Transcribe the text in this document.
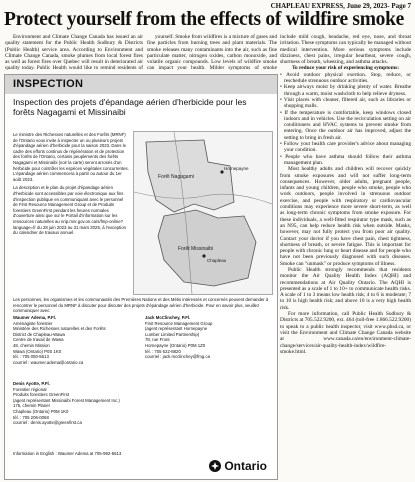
CHAPLEAU EXPRESS, June 29, 2023- Page 7
Protect yourself from the effects of wildfire smoke

Environment and Climate Change Canada has issued an air quality statement for the Public Health Sudbury & Districts (Public Health) service area. According to Environment and Climate Change Canada, smoke plumes from local forest fires as well as forest fires over Quebec will result in deteriorated air quality today. Public Health would like to remind residents of

yourself. Smoke from wildfires is a mixture of gases and fine particles from burning trees and plant materials. The smoke releases many contaminants into the air, such as fine particulate matter, nitrogen oxides, carbon monoxide, and volatile organic compounds. Low levels of wildfire smoke can impact your health. Milder symptoms of smoke

include mild cough, headache, red eye, nose, and throat irritation. These symptoms can typically be managed without medical intervention. More serious symptoms include dizziness, chest pains, irregular heartbeat, severe cough, shortness of breath, wheezing, and asthma attacks.

To reduce your risk of experiencing symptoms:

• Avoid outdoor physical exertion. Stop, reduce, or reschedule strenuous outdoor activities.

• Keep airways moist by drinking plenty of water. Breathe through a warm, moist washcloth to help relieve dryness.

• Visit places with cleaner, filtered air, such as libraries or shopping malls.

• If the temperature is comfortable, keep windows closed indoors and in vehicles. Use the recirculation setting on air conditioners and HVAC systems to prevent smoke from entering. Once the outdoor air has improved, adjust the setting to bring in fresh air.

• Follow your health care provider's advice about managing your condition.

• People who have asthma should follow their asthma management plan.

Most healthy adults and children will recover quickly from smoke exposures and will not suffer long-term consequences. However, older adults, pregnant people, infants and young children, people who smoke, people who work outdoors, people involved in strenuous outdoor exercise, and people with respiratory or cardiovascular conditions may experience more severe short-term, as well as long-term chronic symptoms from smoke exposure. For these individuals, a well-fitted respirator type mask, such as an N95, can help reduce health risk when outside. Masks, however, may not fully protect you from poor air quality. Contact your doctor if you have chest pain, chest tightness, shortness of breath, or severe fatigue. This is important for people with chronic lung or heart disease and for people who have not been previously diagnosed with such diseases. Smoke can "unmask" or produce symptoms of illness.

Public Health strongly recommends that residents monitor the Air Quality Health Index (AQHI) and recommendations at Air Quality Ontario. The AQHI is presented as a scale of 1 to 10+ to communicate health risks. A scale of 1 to 3 means low health risk; 4 to 6 is moderate; 7 to 10 is high health risk; and above 10 is a very high health risk.

For more information, call Public Health Sudbury & Districts at 705.522.9200, ext. 464 (toll-free 1.866.522.9200) to speak to a public health inspector, visit www.phsd.ca, or visit the Environment and Climate Change Canada website at www.canada.ca/en/environment-climate-change/services/air-quality-health-index/wildfire-smoke.html.

INSPECTION
Inspection des projets d'épandage aérien d'herbicide pour les forêts Nagagami et Missinaibi

Le ministre des Richesses naturelles et des Forêts (MRNF) de l'Ontario vous invite à inspecter un ou plusieurs projets d'épandage aérien d'herbicide pour la saison 2023. Dans le cadre des efforts continus de régénération et de protection des forêts de l'Ontario, certains peuplements des forêts Nagagami et Missinaibi (voir la carte) seront arrosés d'un herbicide pour contrôler les espèces végétales concurrentes. L'épandage aérien commencera à partir ou autour du 1er août 2023.

La description et le plan du projet d'épandage aérien d'herbicide sont accessibles par voie électronique aux fins d'inspection publique en communiquant avec le personnel de First Resource Management Group et de Produits forestiers GreenFirst pendant les heures normales d'ouverture ainsi que sur le Portail d'information sur les ressources naturelles au nrip.mnr.gov.on.ca/s/fmp-online?language=fr du 28 juin 2023 au 31 mars 2025, à l'exception du calendrier de travaux annuel.

Forêt Nagagami
Forêt Missinaibi
Hornepayne
Chapleau

Les personnes, les organismes et les communautés des Premières Nations et des Métis intéressés et concernés peuvent demander à rencontrer le personnel du MRNF à discuter pour discuter des projets d'épandage aérien d'herbicide. Pour en savoir plus, veuillez communiquer avec:

Waumer Adema, P.Fl.
Aménagiste forestier
Ministère des Richesses naturelles et des Forêts
District de Chapleau-Wawa
Centre de travail de Wawa
48, chemin Mission
Wawa (Ontario) P0S 1K0
tél. : 705 050-5613
courriel : waumer.adema@ontario.ca
Jack McClinchey, P.Fl.
First Resource Management Group
(agent représentant Hornepayne
Lumber Limited Partnership)
78, rue Front
Hornepayne (Ontario) P0M 1Z0
tél. : 705 622-8820
courriel : jack.mcclinchey@fmg.ca
Denis Ayotte, P.Fl.
Forestier régional
Produits forestiers GreenFirst
(agent représentant Missinaibi Forest Management Inc.)
175, chemin Planer
Chapleau (Ontario) P0M 1K0
tél. : 705 206-0068
courriel : denis.ayotte@greenfirst.ca
Information in English : Waumer Adema at 705-992-5613
Ontario
